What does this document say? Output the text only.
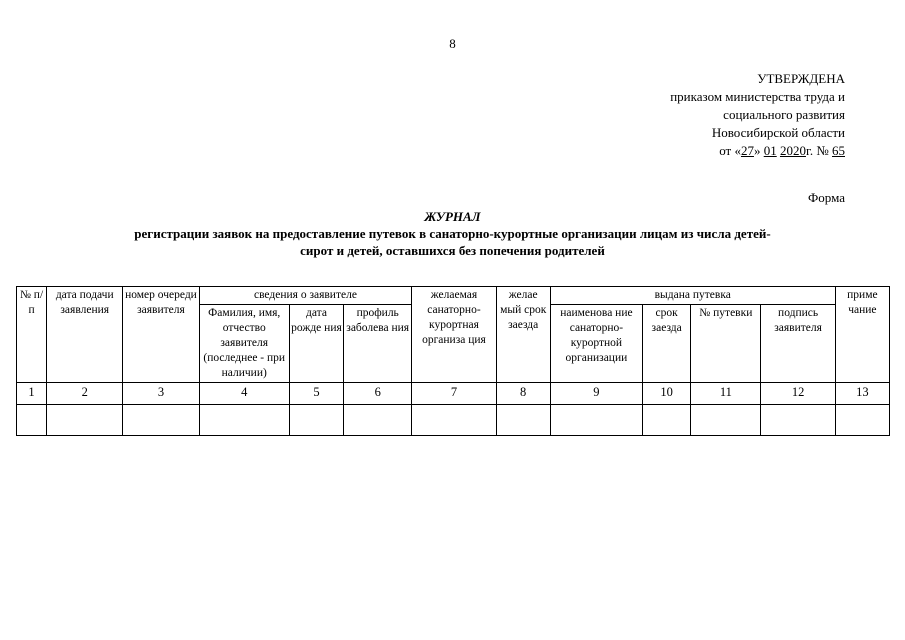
8
УТВЕРЖДЕНА
приказом министерства труда и
социального развития
Новосибирской области
от «27» 01 2020г. № 65
Форма
ЖУРНАЛ
регистрации заявок на предоставление путевок в санаторно-курортные организации лицам из числа детей-
сирот и детей, оставшихся без попечения родителей
№ п/п	дата подачи заявления	номер очереди заявителя	сведения о заявителе			желаемая санаторно-курортная организа ция	желае мый срок заезда	выдана путевка				приме чание
			Фамилия, имя, отчество заявителя (последнее - при наличии)	дата рожде ния	профиль заболева ния			наименова ние санаторно-курортной организации	срок заезда	№ путевки	подпись заявителя	
1	2	3	4	5	6	7	8	9	10	11	12	13
